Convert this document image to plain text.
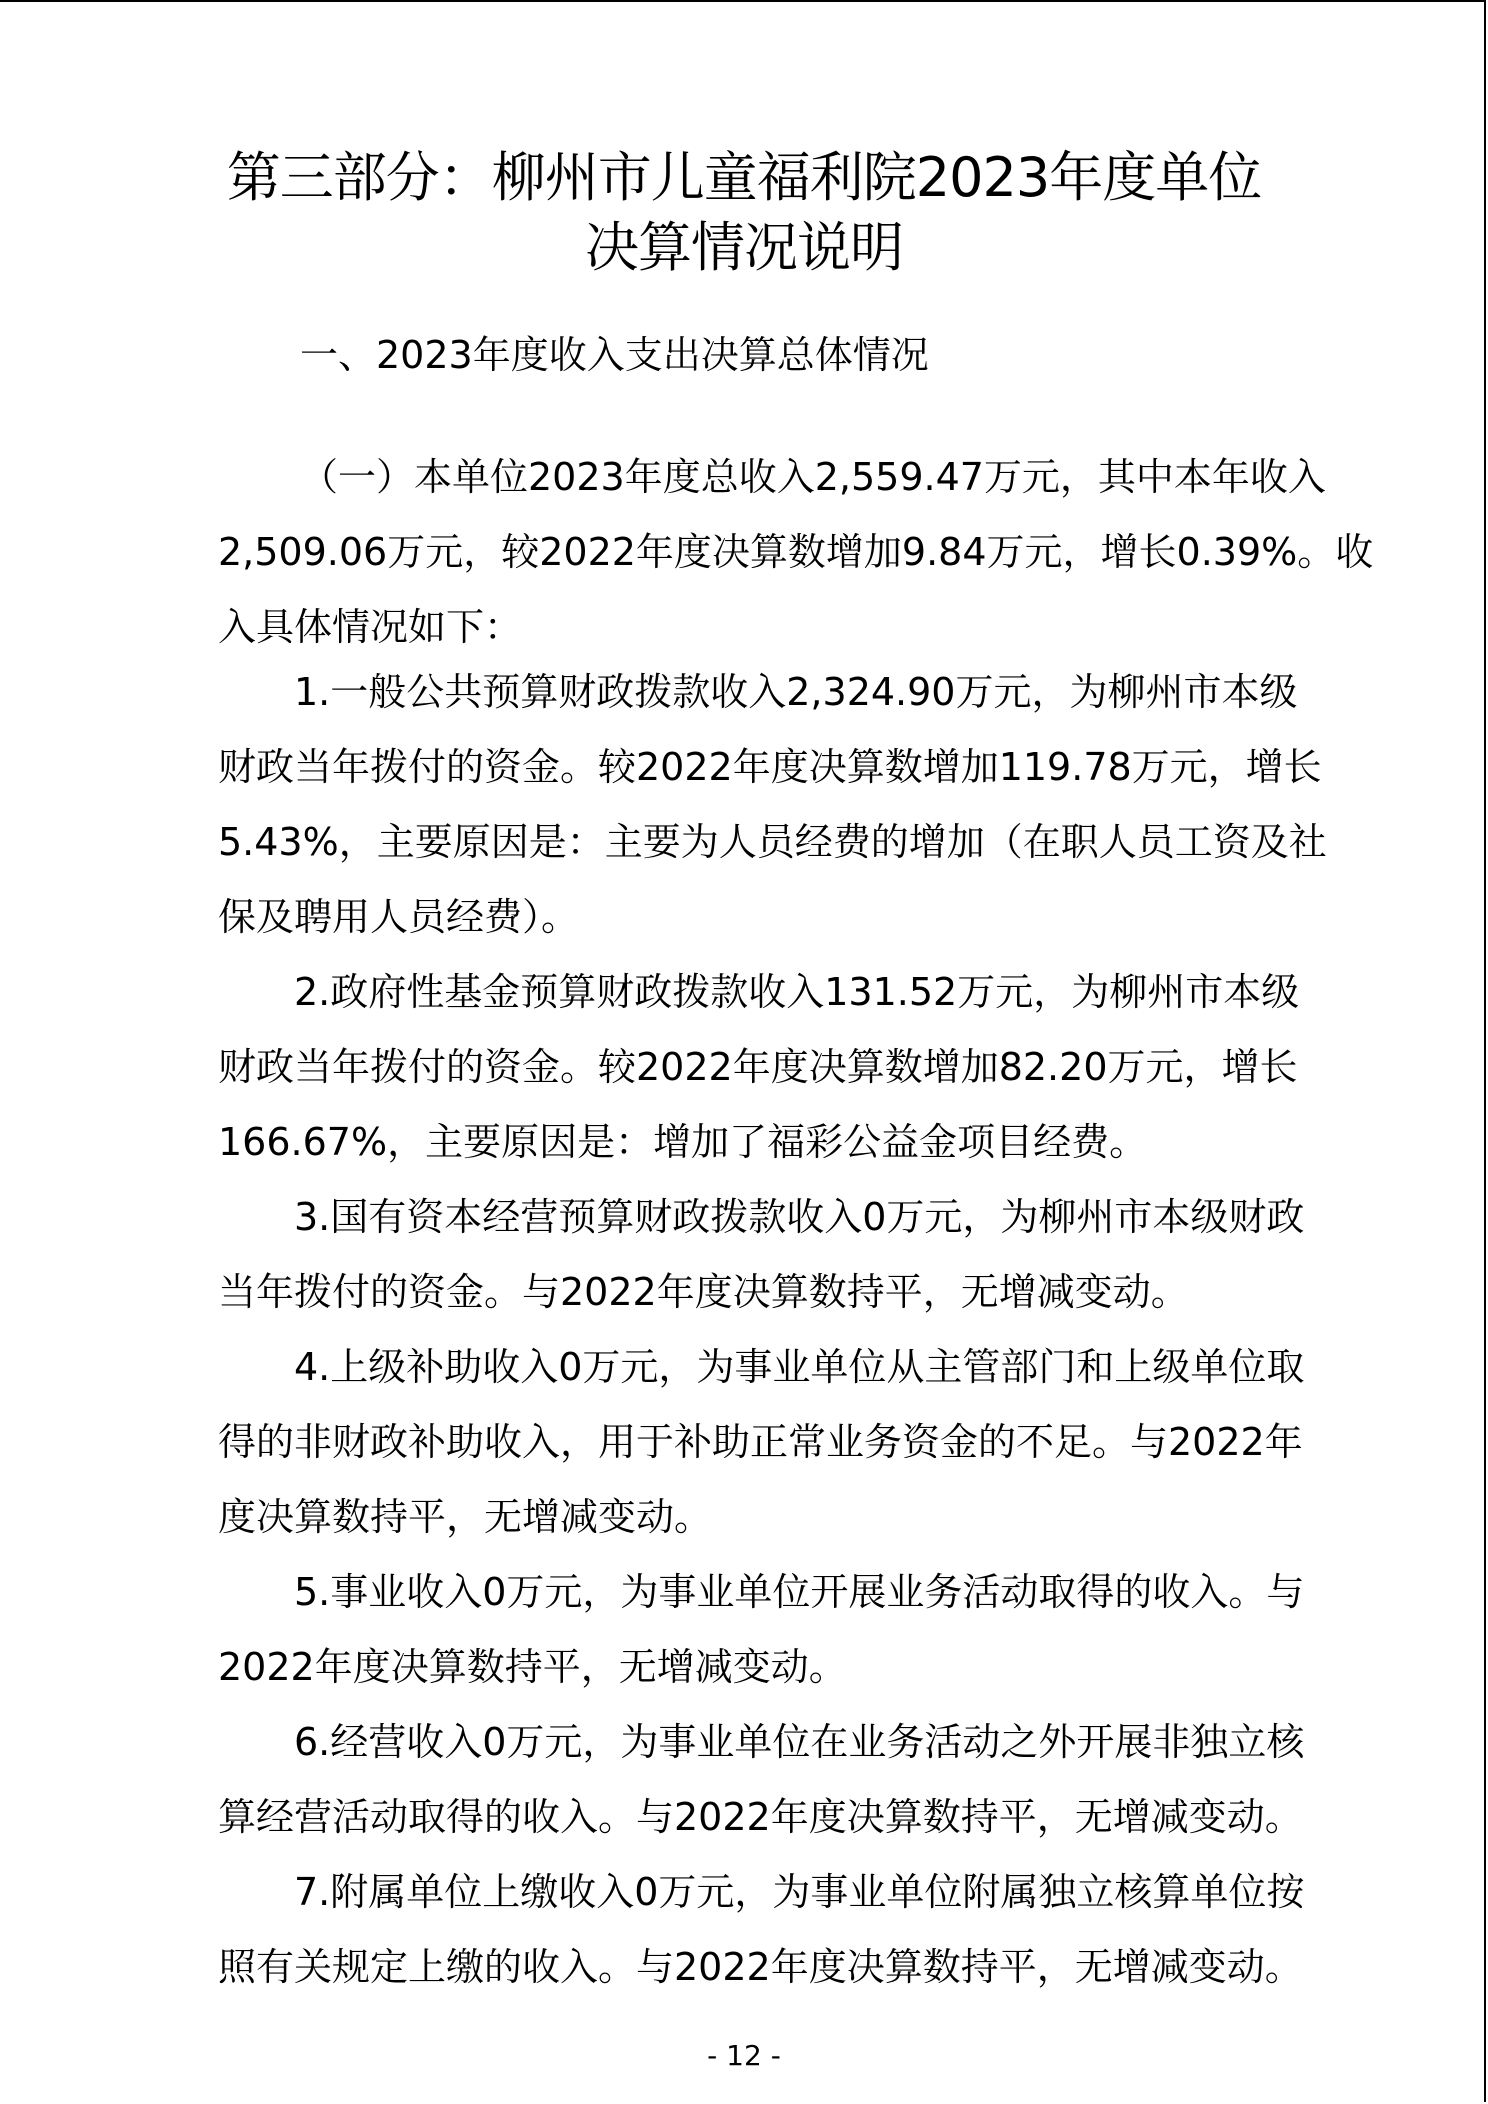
第三部分：柳州市儿童福利院2023年度单位
决算情况说明
一、2023年度收入支出决算总体情况
（一）本单位2023年度总收入2,559.47万元，其中本年收入
2,509.06万元，较2022年度决算数增加9.84万元，增长0.39%。收
入具体情况如下：
1.一般公共预算财政拨款收入2,324.90万元，为柳州市本级
财政当年拨付的资金。较2022年度决算数增加119.78万元，增长
5.43%，主要原因是：主要为人员经费的增加（在职人员工资及社
保及聘用人员经费）。
2.政府性基金预算财政拨款收入131.52万元，为柳州市本级
财政当年拨付的资金。较2022年度决算数增加82.20万元，增长
166.67%，主要原因是：增加了福彩公益金项目经费。
3.国有资本经营预算财政拨款收入0万元，为柳州市本级财政
当年拨付的资金。与2022年度决算数持平，无增减变动。
4.上级补助收入0万元，为事业单位从主管部门和上级单位取
得的非财政补助收入，用于补助正常业务资金的不足。与2022年
度决算数持平，无增减变动。
5.事业收入0万元，为事业单位开展业务活动取得的收入。与
2022年度决算数持平，无增减变动。
6.经营收入0万元，为事业单位在业务活动之外开展非独立核
算经营活动取得的收入。与2022年度决算数持平，无增减变动。
7.附属单位上缴收入0万元，为事业单位附属独立核算单位按
照有关规定上缴的收入。与2022年度决算数持平，无增减变动。
- 12 -
